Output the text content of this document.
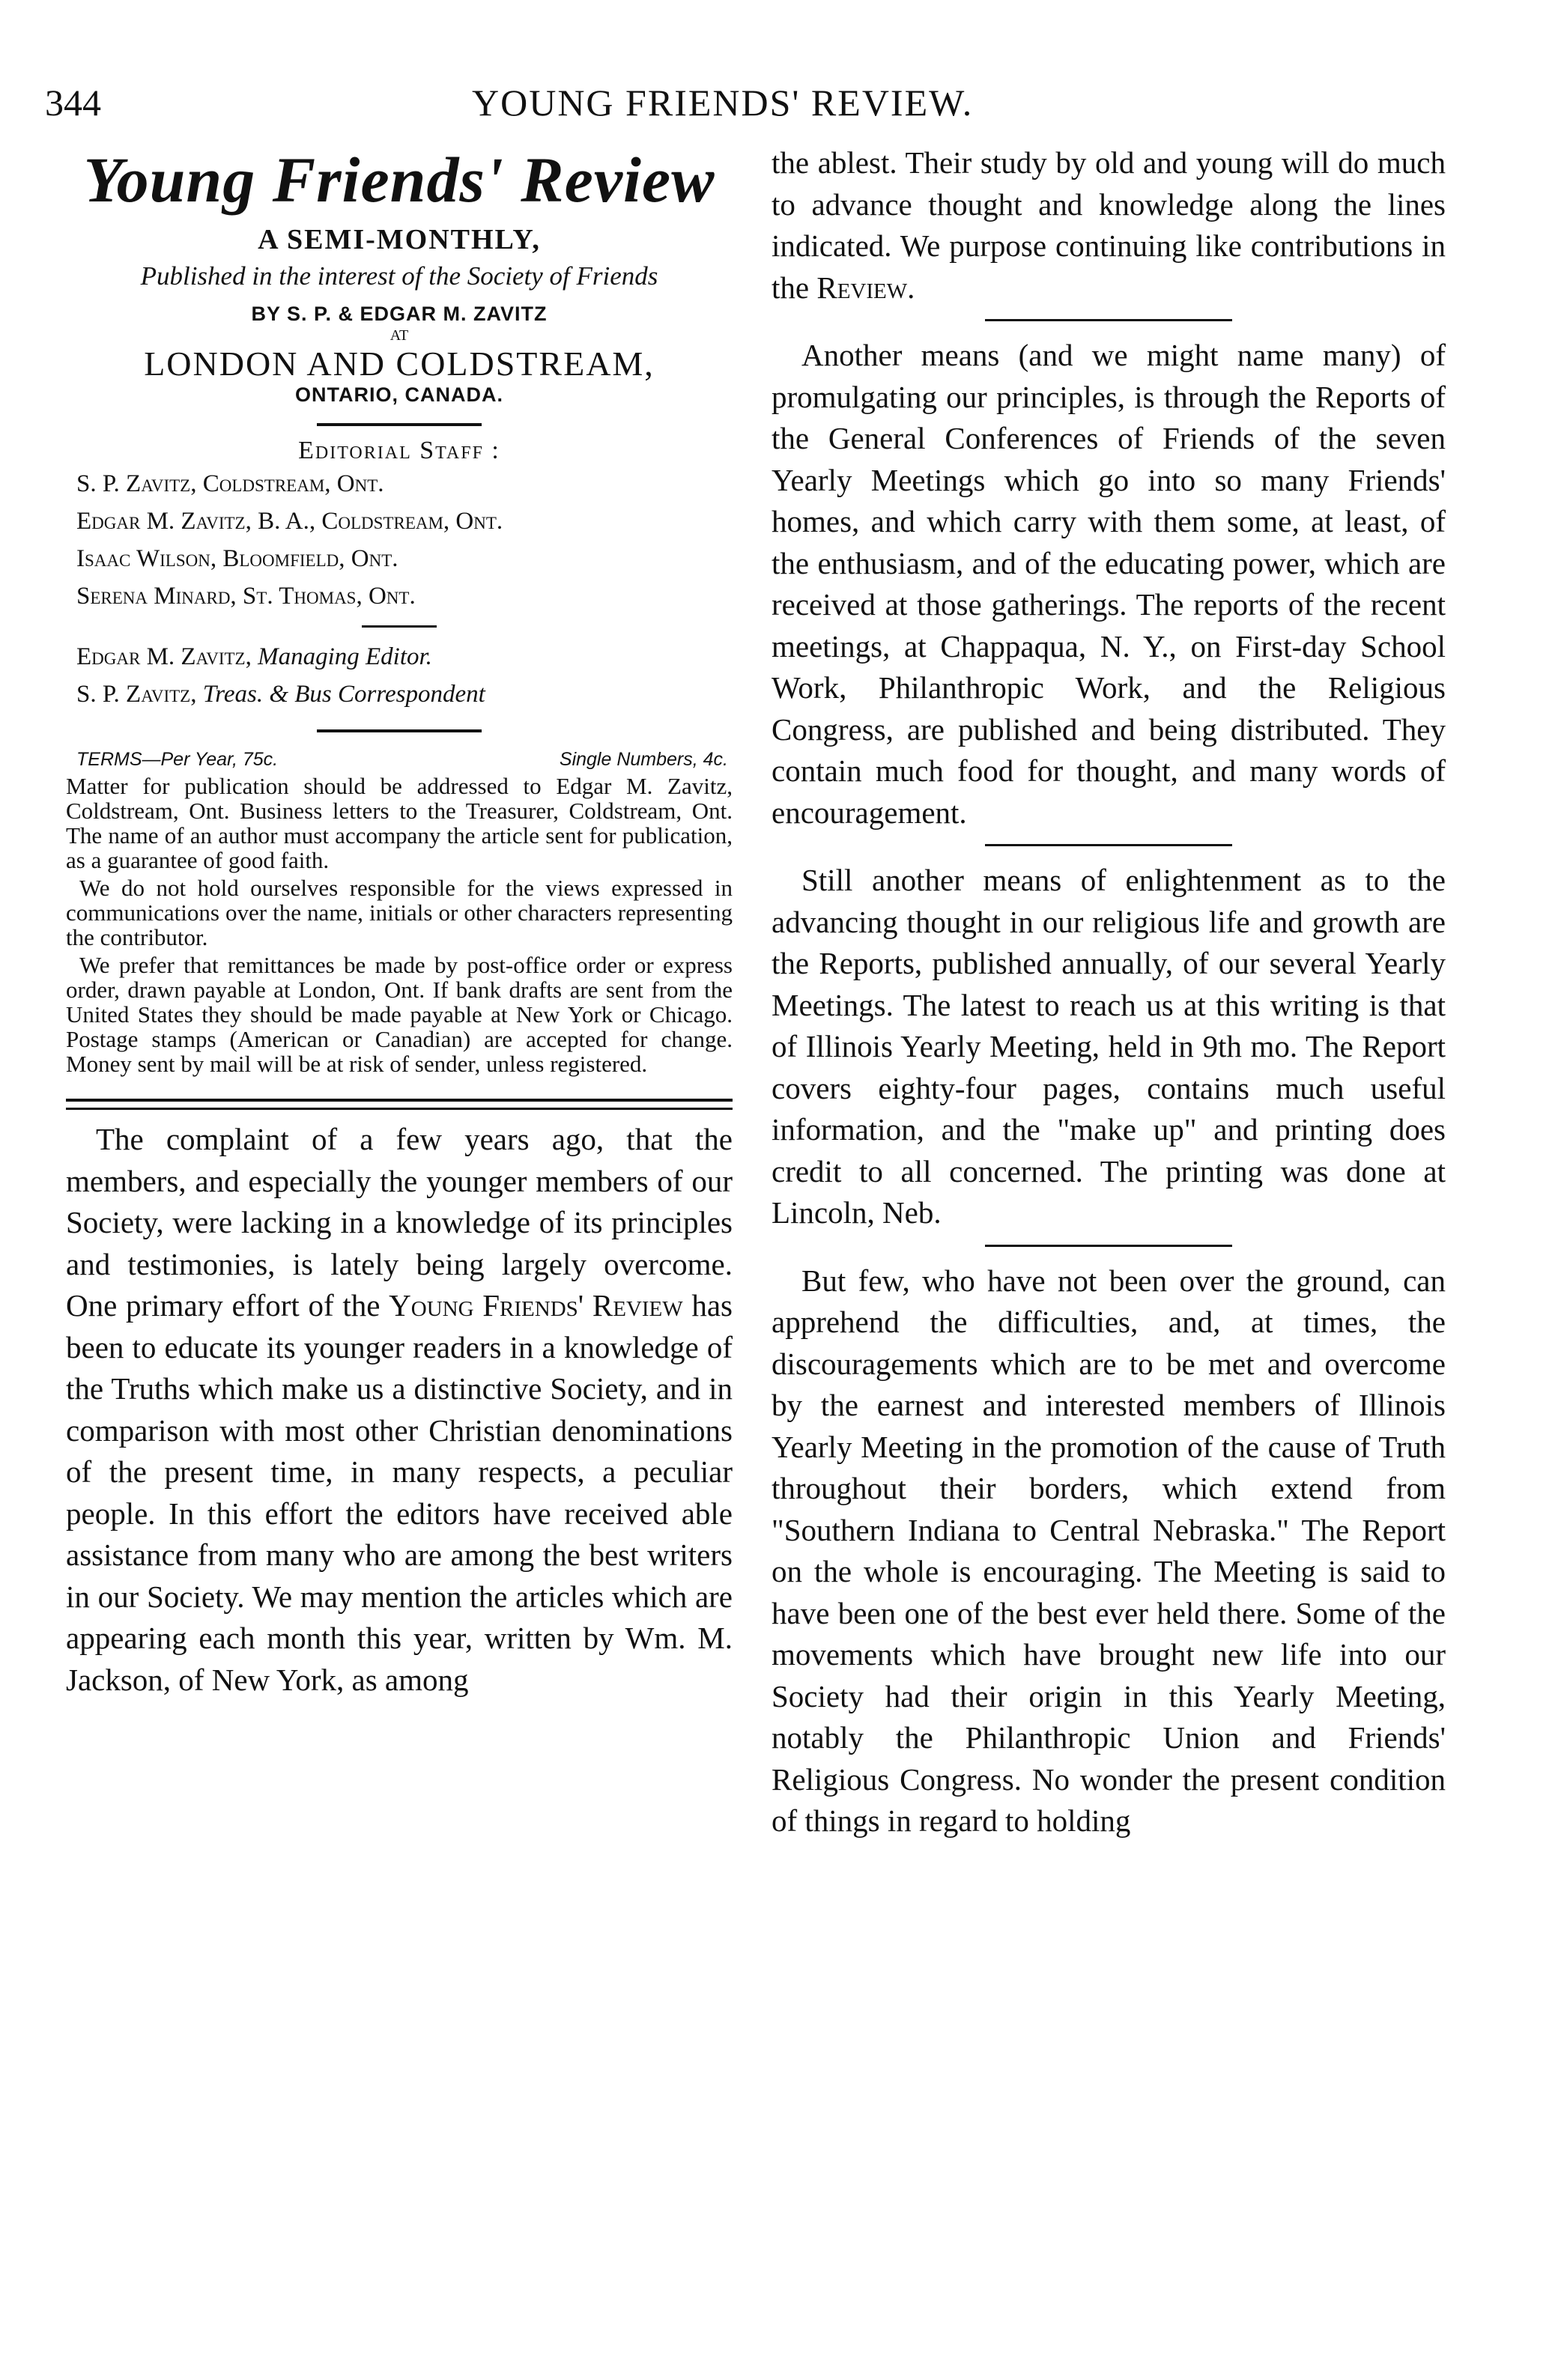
344	YOUNG FRIENDS' REVIEW.
Young Friends' Review
A SEMI-MONTHLY,
Published in the interest of the Society of Friends
BY S. P. & EDGAR M. ZAVITZ
AT
LONDON AND COLDSTREAM,
ONTARIO, CANADA.
Editorial Staff :
S. P. Zavitz, Coldstream, Ont.
Edgar M. Zavitz, B. A., Coldstream, Ont.
Isaac Wilson, Bloomfield, Ont.
Serena Minard, St. Thomas, Ont.
Edgar M. Zavitz, Managing Editor.
S. P. Zavitz, Treas. & Bus Correspondent
TERMS—Per Year, 75c.	Single Numbers, 4c.

Matter for publication should be addressed to Edgar M. Zavitz, Coldstream, Ont. Business letters to the Treasurer, Coldstream, Ont. The name of an author must accompany the article sent for publication, as a guarantee of good faith.

We do not hold ourselves responsible for the views expressed in communications over the name, initials or other characters representing the contributor.

We prefer that remittances be made by post-office order or express order, drawn payable at London, Ont. If bank drafts are sent from the United States they should be made payable at New York or Chicago. Postage stamps (American or Canadian) are accepted for change. Money sent by mail will be at risk of sender, unless registered.

The complaint of a few years ago, that the members, and especially the younger members of our Society, were lacking in a knowledge of its principles and testimonies, is lately being largely overcome. One primary effort of the Young Friends' Review has been to educate its younger readers in a knowledge of the Truths which make us a distinctive Society, and in comparison with most other Christian denominations of the present time, in many respects, a peculiar people. In this effort the editors have received able assistance from many who are among the best writers in our Society. We may mention the articles which are appearing each month this year, written by Wm. M. Jackson, of New York, as among

the ablest. Their study by old and young will do much to advance thought and knowledge along the lines indicated. We purpose continuing like contributions in the Review.

Another means (and we might name many) of promulgating our principles, is through the Reports of the General Conferences of Friends of the seven Yearly Meetings which go into so many Friends' homes, and which carry with them some, at least, of the enthusiasm, and of the educating power, which are received at those gatherings. The reports of the recent meetings, at Chappaqua, N. Y., on First-day School Work, Philanthropic Work, and the Religious Congress, are published and being distributed. They contain much food for thought, and many words of encouragement.

Still another means of enlightenment as to the advancing thought in our religious life and growth are the Reports, published annually, of our several Yearly Meetings. The latest to reach us at this writing is that of Illinois Yearly Meeting, held in 9th mo. The Report covers eighty-four pages, contains much useful information, and the "make up" and printing does credit to all concerned. The printing was done at Lincoln, Neb.

But few, who have not been over the ground, can apprehend the difficulties, and, at times, the discouragements which are to be met and overcome by the earnest and interested members of Illinois Yearly Meeting in the promotion of the cause of Truth throughout their borders, which extend from "Southern Indiana to Central Nebraska." The Report on the whole is encouraging. The Meeting is said to have been one of the best ever held there. Some of the movements which have brought new life into our Society had their origin in this Yearly Meeting, notably the Philanthropic Union and Friends' Religious Congress. No wonder the present condition of things in regard to holding
